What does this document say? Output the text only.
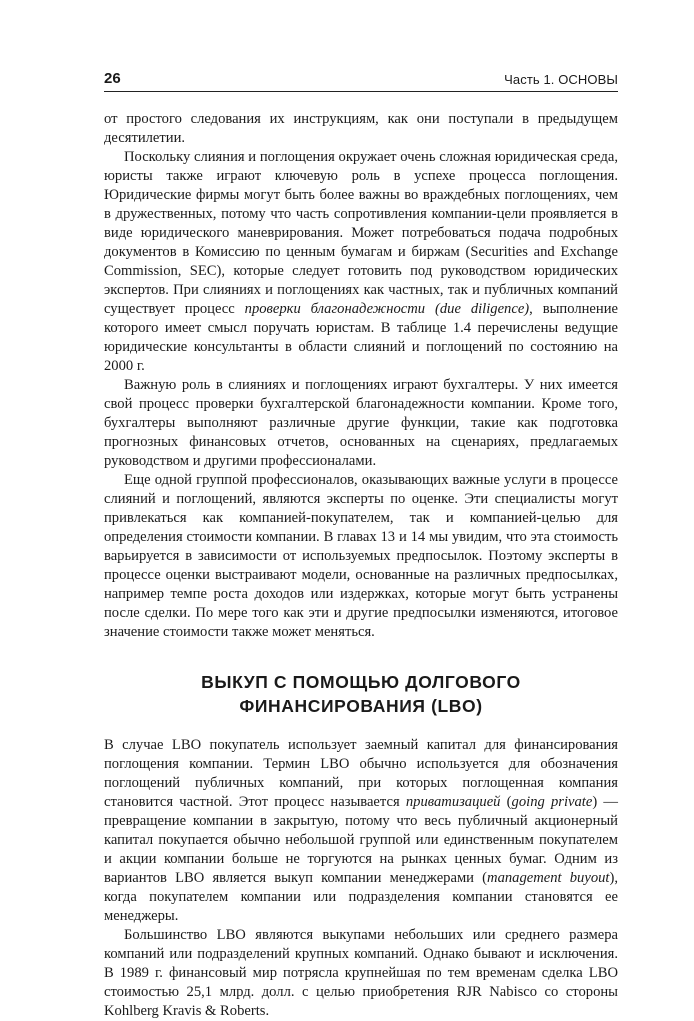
26	Часть 1. ОСНОВЫ

от простого следования их инструкциям, как они поступали в предыдущем десятилетии.

Поскольку слияния и поглощения окружает очень сложная юридическая среда, юристы также играют ключевую роль в успехе процесса поглощения. Юридические фирмы могут быть более важны во враждебных поглощениях, чем в дружественных, потому что часть сопротивления компании-цели проявляется в виде юридического маневрирования. Может потребоваться подача подробных документов в Комиссию по ценным бумагам и биржам (Securities and Exchange Commission, SEC), которые следует готовить под руководством юридических экспертов. При слияниях и поглощениях как частных, так и публичных компаний существует процесс проверки благонадежности (due diligence), выполнение которого имеет смысл поручать юристам. В таблице 1.4 перечислены ведущие юридические консультанты в области слияний и поглощений по состоянию на 2000 г.

Важную роль в слияниях и поглощениях играют бухгалтеры. У них имеется свой процесс проверки бухгалтерской благонадежности компании. Кроме того, бухгалтеры выполняют различные другие функции, такие как подготовка прогнозных финансовых отчетов, основанных на сценариях, предлагаемых руководством и другими профессионалами.

Еще одной группой профессионалов, оказывающих важные услуги в процессе слияний и поглощений, являются эксперты по оценке. Эти специалисты могут привлекаться как компанией-покупателем, так и компанией-целью для определения стоимости компании. В главах 13 и 14 мы увидим, что эта стоимость варьируется в зависимости от используемых предпосылок. Поэтому эксперты в процессе оценки выстраивают модели, основанные на различных предпосылках, например темпе роста доходов или издержках, которые могут быть устранены после сделки. По мере того как эти и другие предпосылки изменяются, итоговое значение стоимости также может меняться.

ВЫКУП С ПОМОЩЬЮ ДОЛГОВОГО
ФИНАНСИРОВАНИЯ (LBO)

В случае LBO покупатель использует заемный капитал для финансирования поглощения компании. Термин LBO обычно используется для обозначения поглощений публичных компаний, при которых поглощенная компания становится частной. Этот процесс называется приватизацией (going private) — превращение компании в закрытую, потому что весь публичный акционерный капитал покупается обычно небольшой группой или единственным покупателем и акции компании больше не торгуются на рынках ценных бумаг. Одним из вариантов LBO является выкуп компании менеджерами (management buyout), когда покупателем компании или подразделения компании становятся ее менеджеры.

Большинство LBO являются выкупами небольших или среднего размера компаний или подразделений крупных компаний. Однако бывают и исключения. В 1989 г. финансовый мир потрясла крупнейшая по тем временам сделка LBO стоимостью 25,1 млрд. долл. с целью приобретения RJR Nabisco со стороны Kohlberg Kravis & Roberts.
